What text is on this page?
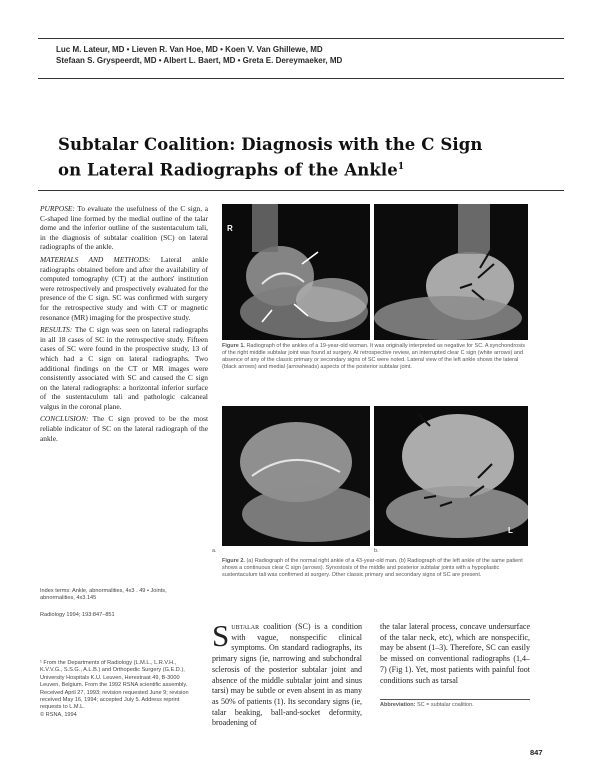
Luc M. Lateur, MD • Lieven R. Van Hoe, MD • Koen V. Van Ghillewe, MD
Stefaan S. Gryspeerdt, MD • Albert L. Baert, MD • Greta E. Dereymaeker, MD
Subtalar Coalition: Diagnosis with the C Sign
on Lateral Radiographs of the Ankle$^1$

PURPOSE: To evaluate the usefulness of the C sign, a C-shaped line formed by the medial outline of the talar dome and the inferior outline of the sustentaculum tali, in the diagnosis of subtalar coalition (SC) on lateral radiographs of the ankle.

MATERIALS AND METHODS: Lateral ankle radiographs obtained before and after the availability of computed tomography (CT) at the authors' institution were retrospectively and prospectively evaluated for the presence of the C sign. SC was confirmed with surgery for the retrospective study and with CT or magnetic resonance (MR) imaging for the prospective study.

RESULTS: The C sign was seen on lateral radiographs in all 18 cases of SC in the retrospective study. Fifteen cases of SC were found in the prospective study, 13 of which had a C sign on lateral radiographs. Two additional findings on the CT or MR images were consistently associated with SC and caused the C sign on the lateral radiographs: a horizontal inferior surface of the sustentaculum tali and pathologic calcaneal valgus in the coronal plane.

CONCLUSION: The C sign proved to be the most reliable indicator of SC on the lateral radiograph of the ankle.

Index terms: Ankle, abnormalities, 4x3 . 49 • Joints, abnormalities, 4x3.145
Radiology 1994; 193:847–851
¹ From the Departments of Radiology (L.M.L., L.R.V.H., K.V.V.G., S.S.G., A.L.B.) and Orthopedic Surgery (G.E.D.), University Hospitals K.U. Leuven, Herestraat 49, B-3000 Leuven, Belgium. From the 1992 RSNA scientific assembly. Received April 27, 1993; revision requested June 9; revision received May 16, 1994; accepted July 5. Address reprint requests to L.M.L.
© RSNA, 1994
R
Figure 1. Radiograph of the ankles of a 19-year-old woman. It was originally interpreted as negative for SC. A synchondrosis of the right middle subtalar joint was found at surgery. At retrospective review, an interrupted clear C sign (white arrows) and absence of any of the classic primary or secondary signs of SC were noted. Lateral view of the left ankle shows the lateral (black arrows) and medial (arrowheads) aspects of the posterior subtalar joint.
L
a.	b.
Figure 2. (a) Radiograph of the normal right ankle of a 43-year-old man. (b) Radiograph of the left ankle of the same patient shows a continuous clear C sign (arrows). Synostosis of the middle and posterior subtalar joints with a hypoplastic sustentaculum tali was confirmed at surgery. Other classic primary and secondary signs of SC are present.
Subtalar coalition (SC) is a condition with vague, nonspecific clinical symptoms. On standard radiographs, its primary signs (ie, narrowing and subchondral sclerosis of the posterior subtalar joint and absence of the middle subtalar joint and sinus tarsi) may be subtle or even absent in as many as 50% of patients (1). Its secondary signs (ie, talar beaking, ball-and-socket deformity, broadening of
the talar lateral process, concave undersurface of the talar neck, etc), which are nonspecific, may be absent (1–3). Therefore, SC can easily be missed on conventional radiographs (1,4–7) (Fig 1). Yet, most patients with painful foot conditions such as tarsal
Abbreviation: SC = subtalar coalition.
847
